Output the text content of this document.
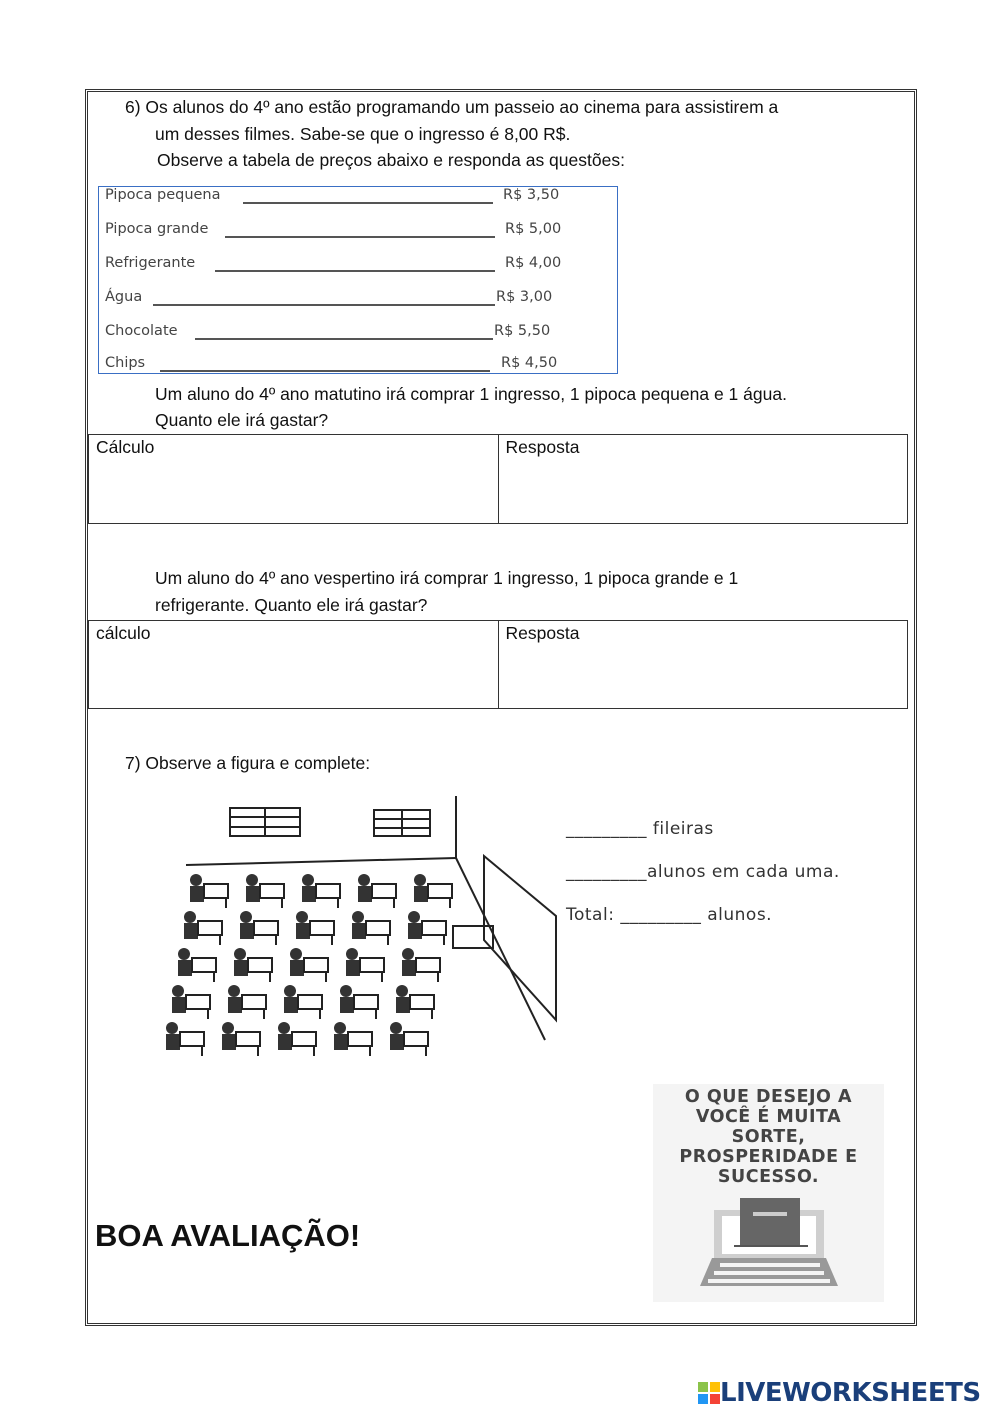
6) Os alunos do 4º ano estão programando um passeio ao cinema para assistirem a
um desses filmes. Sabe-se que o ingresso é 8,00 R$.
Observe a tabela de preços abaixo e responda as questões:
Pipoca pequena	R$ 3,50
Pipoca grande	R$ 5,00
Refrigerante	R$ 4,00
Água	R$ 3,00
Chocolate	R$ 5,50
Chips	R$ 4,50
Um aluno do 4º ano matutino irá comprar 1 ingresso, 1 pipoca pequena e 1 água.
Quanto ele irá gastar?
Cálculo	Resposta
Um aluno do 4º ano vespertino irá comprar 1 ingresso, 1 pipoca grande e 1
refrigerante. Quanto ele irá gastar?
cálculo	Resposta
7) Observe a figura e complete:
_________ fileiras
_________alunos em cada uma.
Total: _________ alunos.
BOA AVALIAÇÃO!
O QUE DESEJO A VOCÊ É MUITA SORTE, PROSPERIDADE E SUCESSO.
LIVEWORKSHEETS
